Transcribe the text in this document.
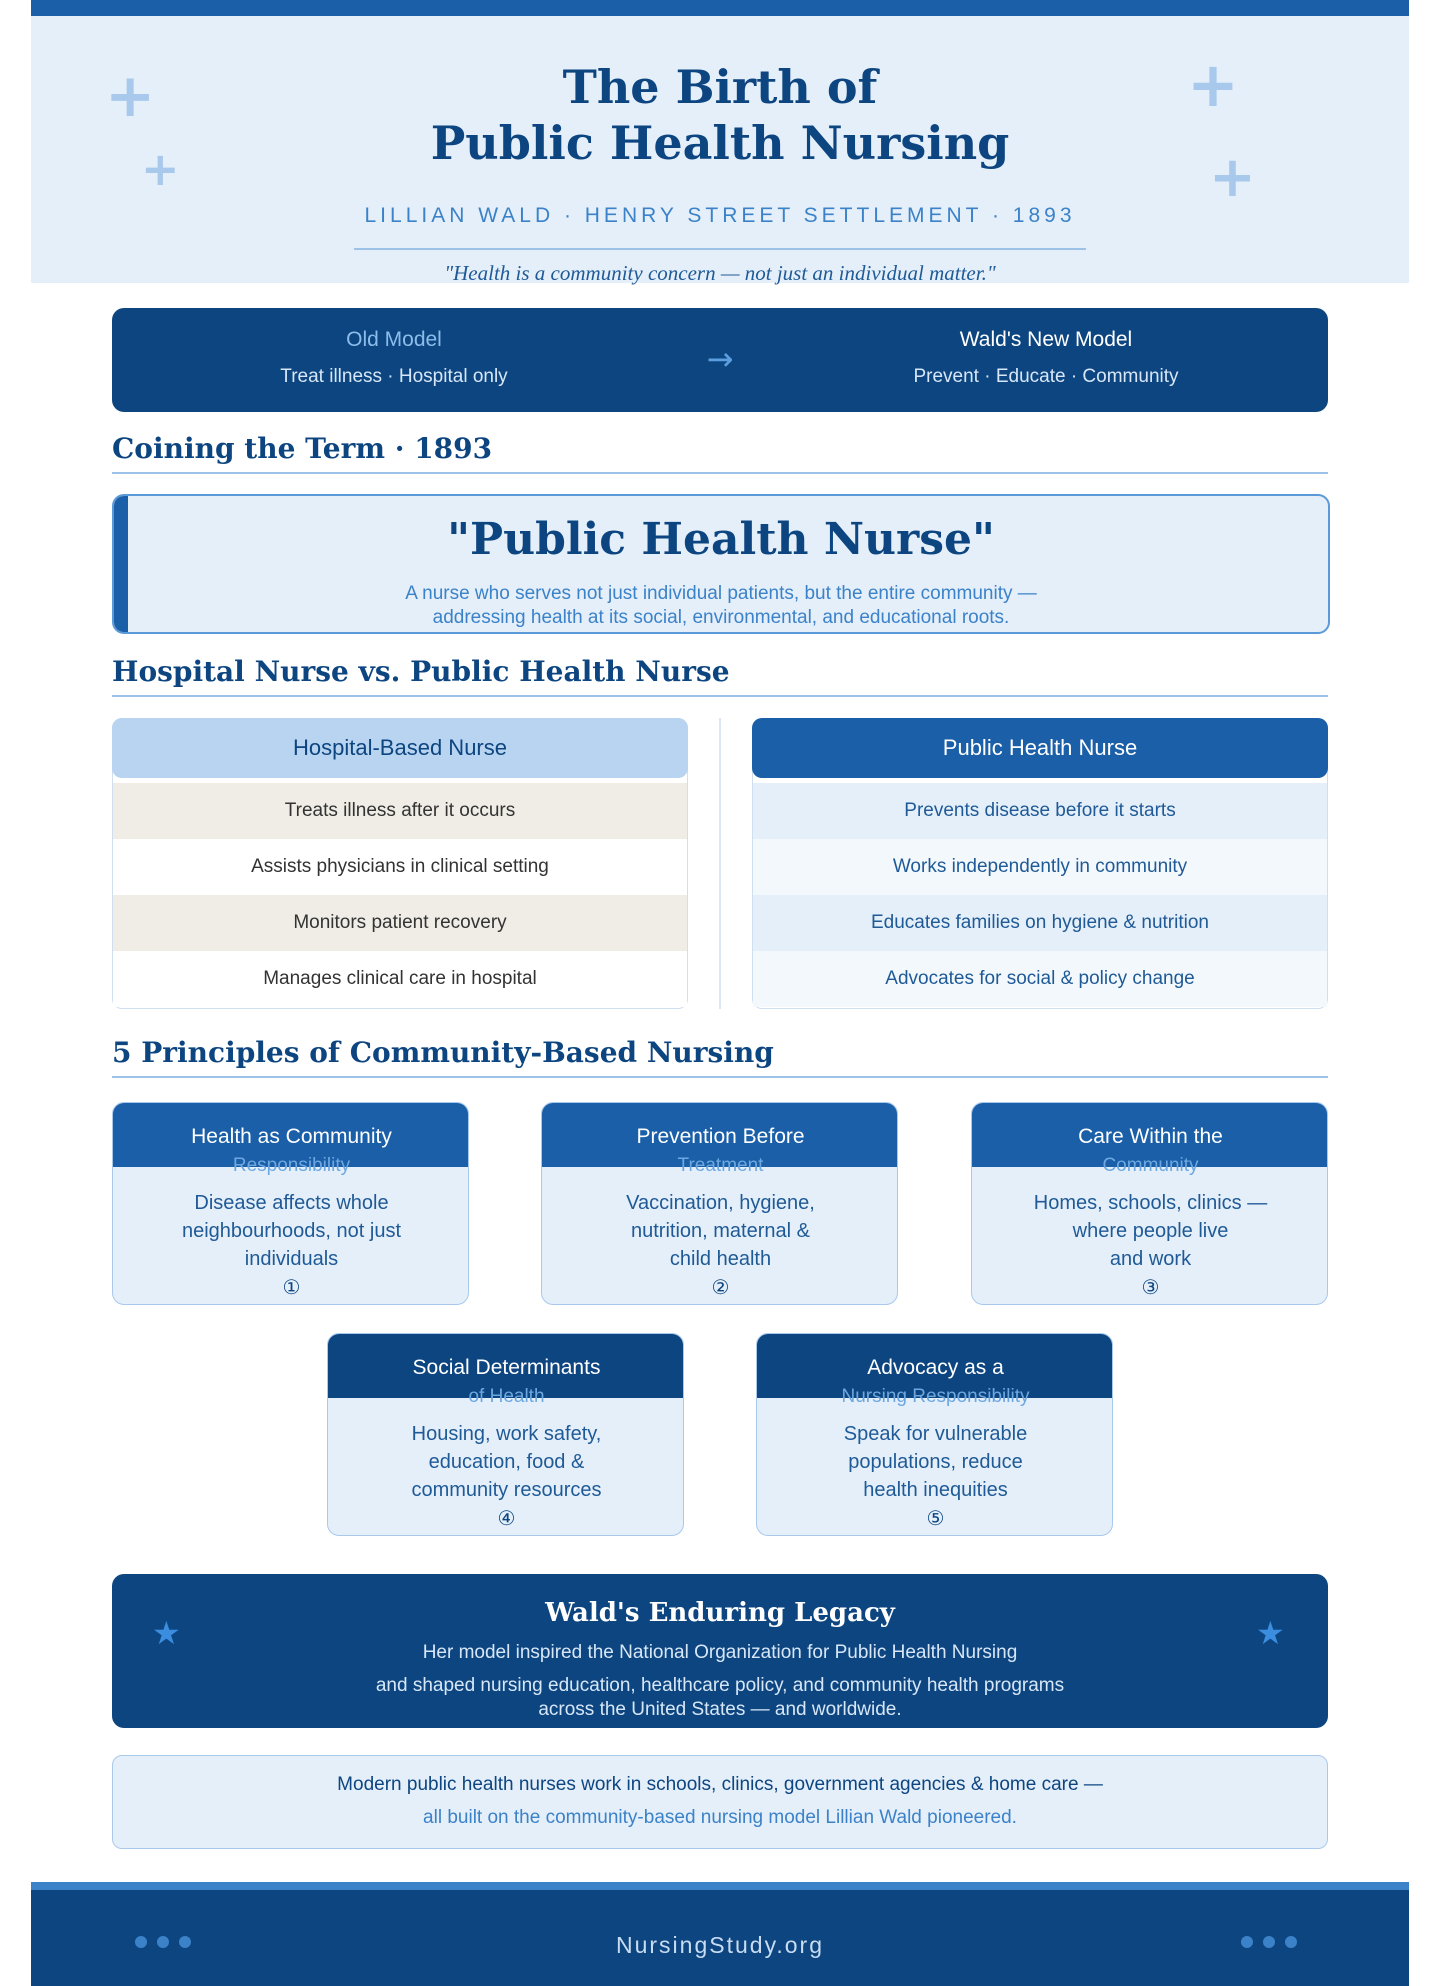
+
+
+
+
The Birth of
Public Health Nursing
LILLIAN WALD · HENRY STREET SETTLEMENT · 1893
"Health is a community concern — not just an individual matter."
Old Model
Treat illness · Hospital only	→
Wald's New Model
Prevent · Educate · Community
Coining the Term · 1893
"Public Health Nurse"
A nurse who serves not just individual patients, but the entire community —
addressing health at its social, environmental, and educational roots.
Hospital Nurse vs. Public Health Nurse
Hospital-Based Nurse
Treats illness after it occurs
Assists physicians in clinical setting
Monitors patient recovery
Manages clinical care in hospital
Public Health Nurse
Prevents disease before it starts
Works independently in community
Educates families on hygiene & nutrition
Advocates for social & policy change
5 Principles of Community-Based Nursing
Health as Community
Responsibility
Disease affects whole
neighbourhoods, not just
individuals
①
Prevention Before
Treatment
Vaccination, hygiene,
nutrition, maternal &
child health
②
Care Within the
Community
Homes, schools, clinics —
where people live
and work
③
Social Determinants
of Health
Housing, work safety,
education, food &
community resources
④
Advocacy as a
Nursing Responsibility
Speak for vulnerable
populations, reduce
health inequities
⑤
★	★
Wald's Enduring Legacy
Her model inspired the National Organization for Public Health Nursing
and shaped nursing education, healthcare policy, and community health programs
across the United States — and worldwide.
Modern public health nurses work in schools, clinics, government agencies & home care —
all built on the community-based nursing model Lillian Wald pioneered.
NursingStudy.org
